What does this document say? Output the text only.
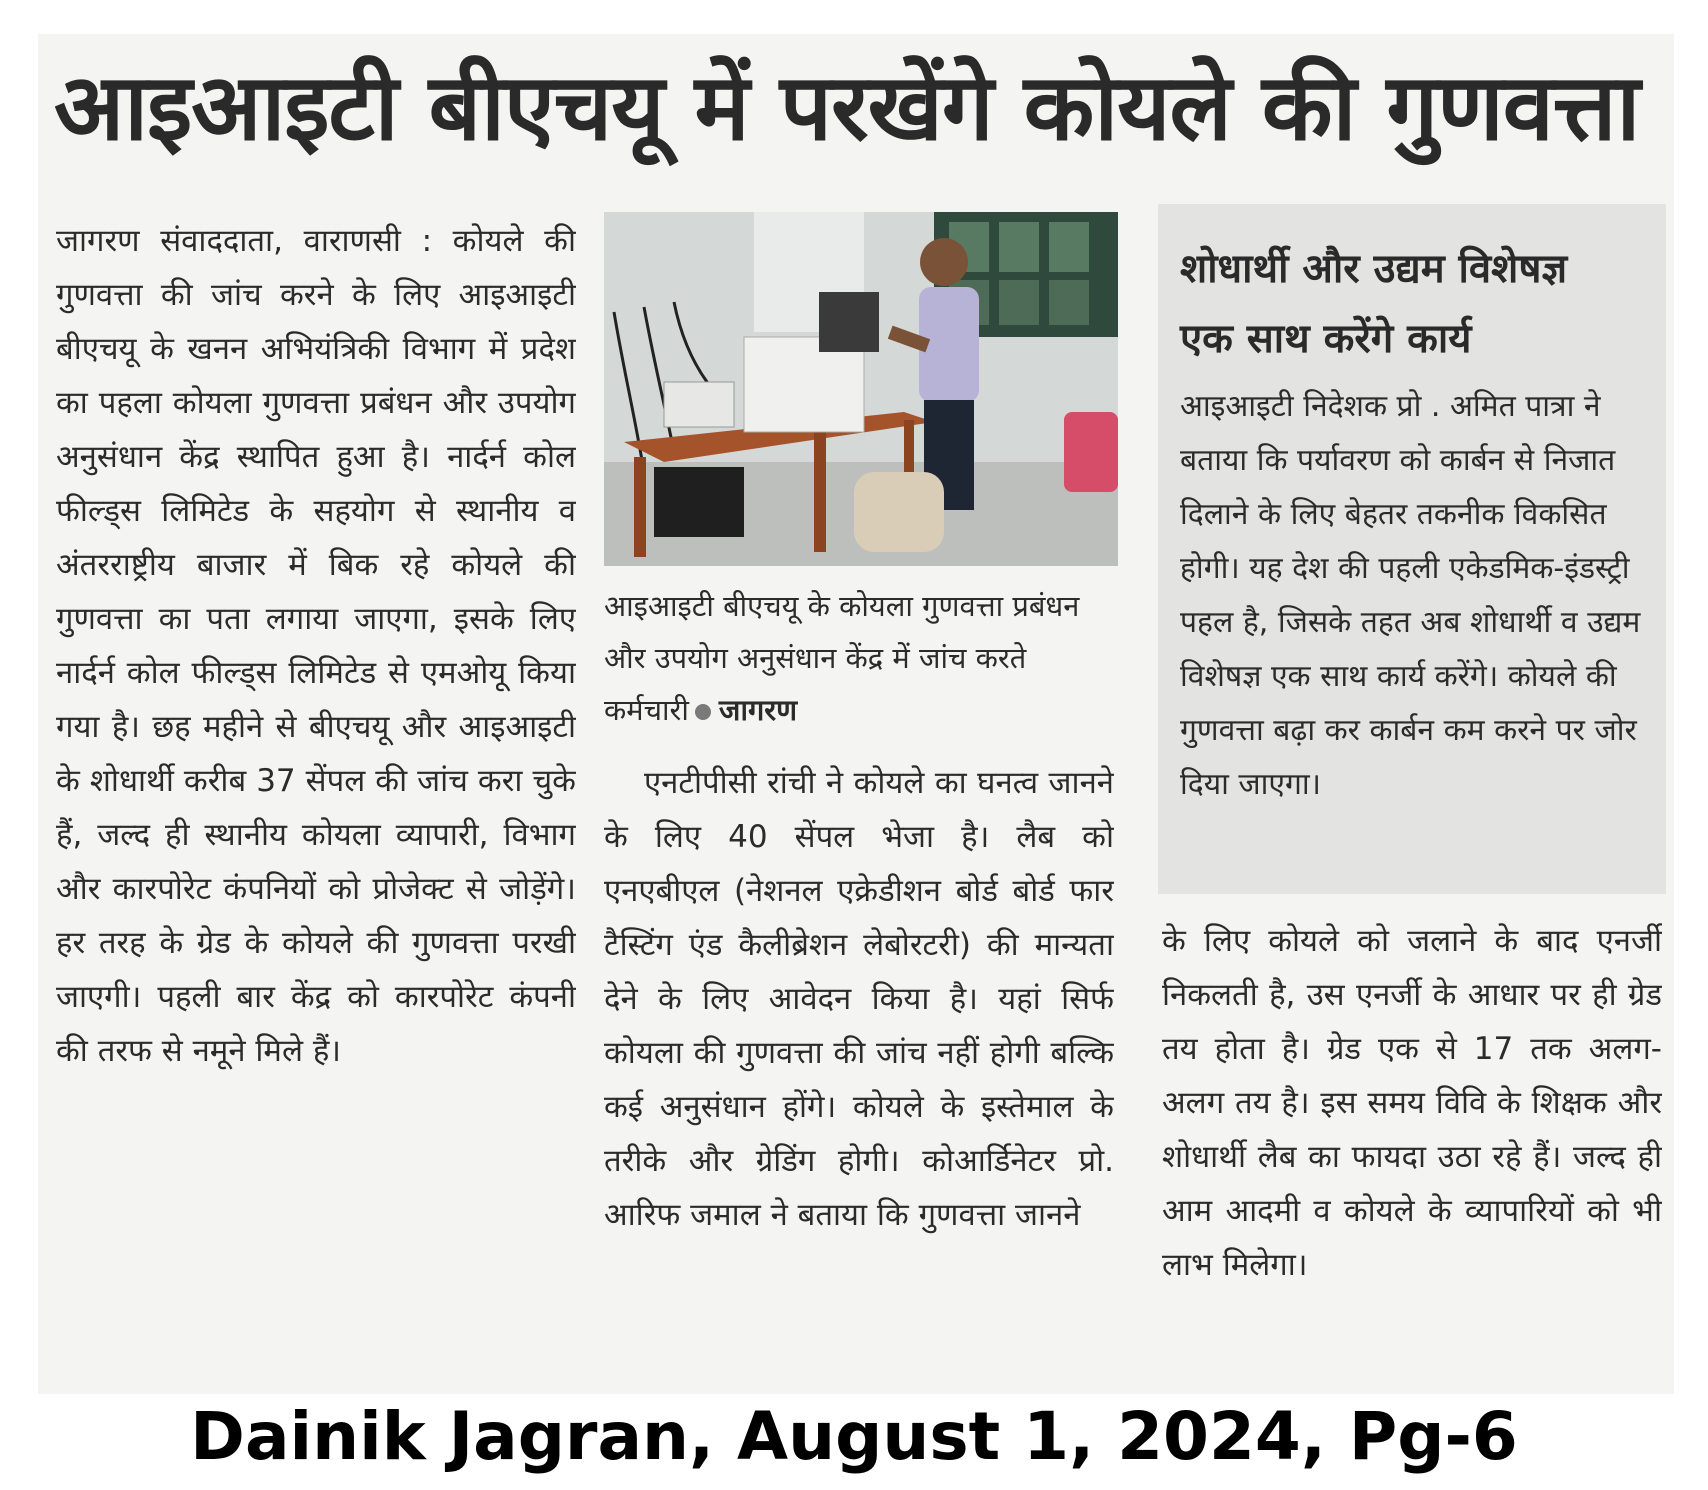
आइआइटी बीएचयू में परखेंगे कोयले की गुणवत्ता

जागरण संवाददाता, वाराणसी : कोयले की गुणवत्ता की जांच करने के लिए आइआइटी बीएचयू के खनन अभियंत्रिकी विभाग में प्रदेश का पहला कोयला गुणवत्ता प्रबंधन और उपयोग अनुसंधान केंद्र स्थापित हुआ है। नार्दर्न कोल फील्ड्स लिमिटेड के सहयोग से स्थानीय व अंतरराष्ट्रीय बाजार में बिक रहे कोयले की गुणवत्ता का पता लगाया जाएगा, इसके लिए नार्दर्न कोल फील्ड्स लिमिटेड से एमओयू किया गया है। छह महीने से बीएचयू और आइआइटी के शोधार्थी करीब 37 सेंपल की जांच करा चुके हैं, जल्द ही स्थानीय कोयला व्यापारी, विभाग और कारपोरेट कंपनियों को प्रोजेक्ट से जोड़ेंगे। हर तरह के ग्रेड के कोयले की गुणवत्ता परखी जाएगी। पहली बार केंद्र को कारपोरेट कंपनी की तरफ से नमूने मिले हैं।

आइआइटी बीएचयू के कोयला गुणवत्ता प्रबंधन और उपयोग अनुसंधान केंद्र में जांच करते कर्मचारी जागरण

एनटीपीसी रांची ने कोयले का घनत्व जानने के लिए 40 सेंपल भेजा है। लैब को एनएबीएल (नेशनल एक्रेडीशन बोर्ड बोर्ड फार टैस्टिंग एंड कैलीब्रेशन लेबोरटरी) की मान्यता देने के लिए आवेदन किया है। यहां सिर्फ कोयला की गुणवत्ता की जांच नहीं होगी बल्कि कई अनुसंधान होंगे। कोयले के इस्तेमाल के तरीके और ग्रेडिंग होगी। कोआर्डिनेटर प्रो. आरिफ जमाल ने बताया कि गुणवत्ता जानने

शोधार्थी और उद्यम विशेषज्ञ
एक साथ करेंगे कार्य

आइआइटी निदेशक प्रो . अमित पात्रा ने बताया कि पर्यावरण को कार्बन से निजात दिलाने के लिए बेहतर तकनीक विकसित होगी। यह देश की पहली एकेडमिक-इंडस्ट्री पहल है, जिसके तहत अब शोधार्थी व उद्यम विशेषज्ञ एक साथ कार्य करेंगे। कोयले की गुणवत्ता बढ़ा कर कार्बन कम करने पर जोर दिया जाएगा।

के लिए कोयले को जलाने के बाद एनर्जी निकलती है, उस एनर्जी के आधार पर ही ग्रेड तय होता है। ग्रेड एक से 17 तक अलग-अलग तय है। इस समय विवि के शिक्षक और शोधार्थी लैब का फायदा उठा रहे हैं। जल्द ही आम आदमी व कोयले के व्यापारियों को भी लाभ मिलेगा।

Dainik Jagran, August 1, 2024, Pg-6
